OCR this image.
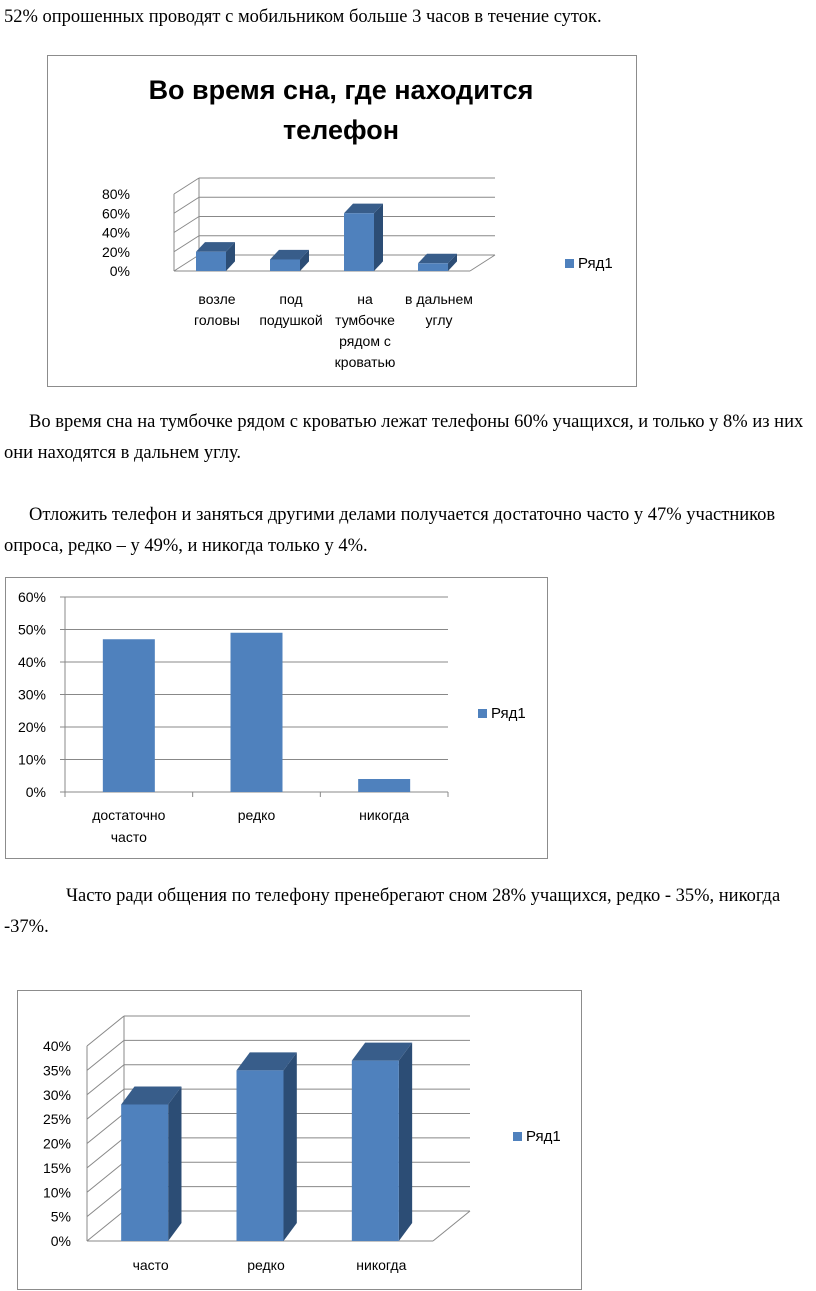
52% опрошенных проводят с мобильником больше 3 часов в течение суток.

Во время сна, где находится
телефон
0%
20%
40%
60%
80%
возле
головы
под
подушкой
на
тумбочке
рядом с
кроватью
в дальнем
углу
Ряд1

Во время сна на тумбочке рядом с кроватью лежат телефоны 60% учащихся, и только у 8% из них они находятся в дальнем углу.

Отложить телефон и заняться другими делами получается достаточно часто у 47% участников опроса, редко – у 49%, и никогда только у 4%.

0%
10%
20%
30%
40%
50%
60%
достаточно
часто
редко	никогда
Ряд1

Часто ради общения по телефону пренебрегают сном 28% учащихся, редко - 35%, никогда -37%.

0%
5%
10%
15%
20%
25%
30%
35%
40%
часто	редко	никогда
Ряд1
